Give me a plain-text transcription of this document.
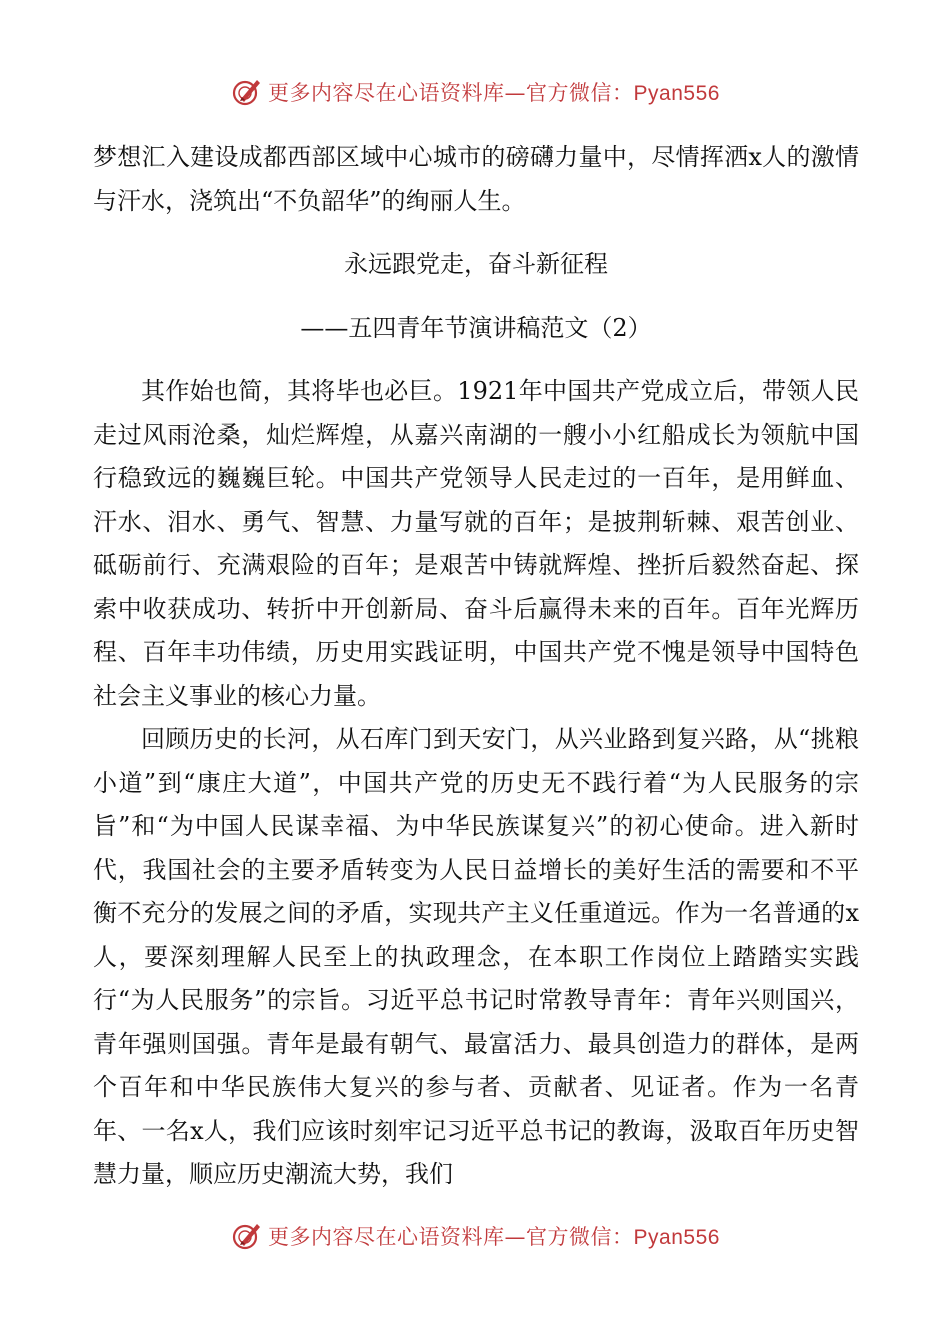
更多内容尽在心语资料库—官方微信：Pyan556

梦想汇入建设成都西部区域中心城市的磅礴力量中，尽情挥洒x人的激情与汗水，浇筑出“不负韶华”的绚丽人生。

永远跟党走，奋斗新征程

——五四青年节演讲稿范文（2）

其作始也简，其将毕也必巨。1921年中国共产党成立后，带领人民走过风雨沧桑，灿烂辉煌，从嘉兴南湖的一艘小小红船成长为领航中国行稳致远的巍巍巨轮。中国共产党领导人民走过的一百年，是用鲜血、汗水、泪水、勇气、智慧、力量写就的百年；是披荆斩棘、艰苦创业、砥砺前行、充满艰险的百年；是艰苦中铸就辉煌、挫折后毅然奋起、探索中收获成功、转折中开创新局、奋斗后赢得未来的百年。百年光辉历程、百年丰功伟绩，历史用实践证明，中国共产党不愧是领导中国特色社会主义事业的核心力量。

回顾历史的长河，从石库门到天安门，从兴业路到复兴路，从“挑粮小道”到“康庄大道”，中国共产党的历史无不践行着“为人民服务的宗旨”和“为中国人民谋幸福、为中华民族谋复兴”的初心使命。进入新时代，我国社会的主要矛盾转变为人民日益增长的美好生活的需要和不平衡不充分的发展之间的矛盾，实现共产主义任重道远。作为一名普通的x人，要深刻理解人民至上的执政理念，在本职工作岗位上踏踏实实践行“为人民服务”的宗旨。习近平总书记时常教导青年：青年兴则国兴，青年强则国强。青年是最有朝气、最富活力、最具创造力的群体，是两个百年和中华民族伟大复兴的参与者、贡献者、见证者。作为一名青年、一名x人，我们应该时刻牢记习近平总书记的教诲，汲取百年历史智慧力量，顺应历史潮流大势，我们

更多内容尽在心语资料库—官方微信：Pyan556
